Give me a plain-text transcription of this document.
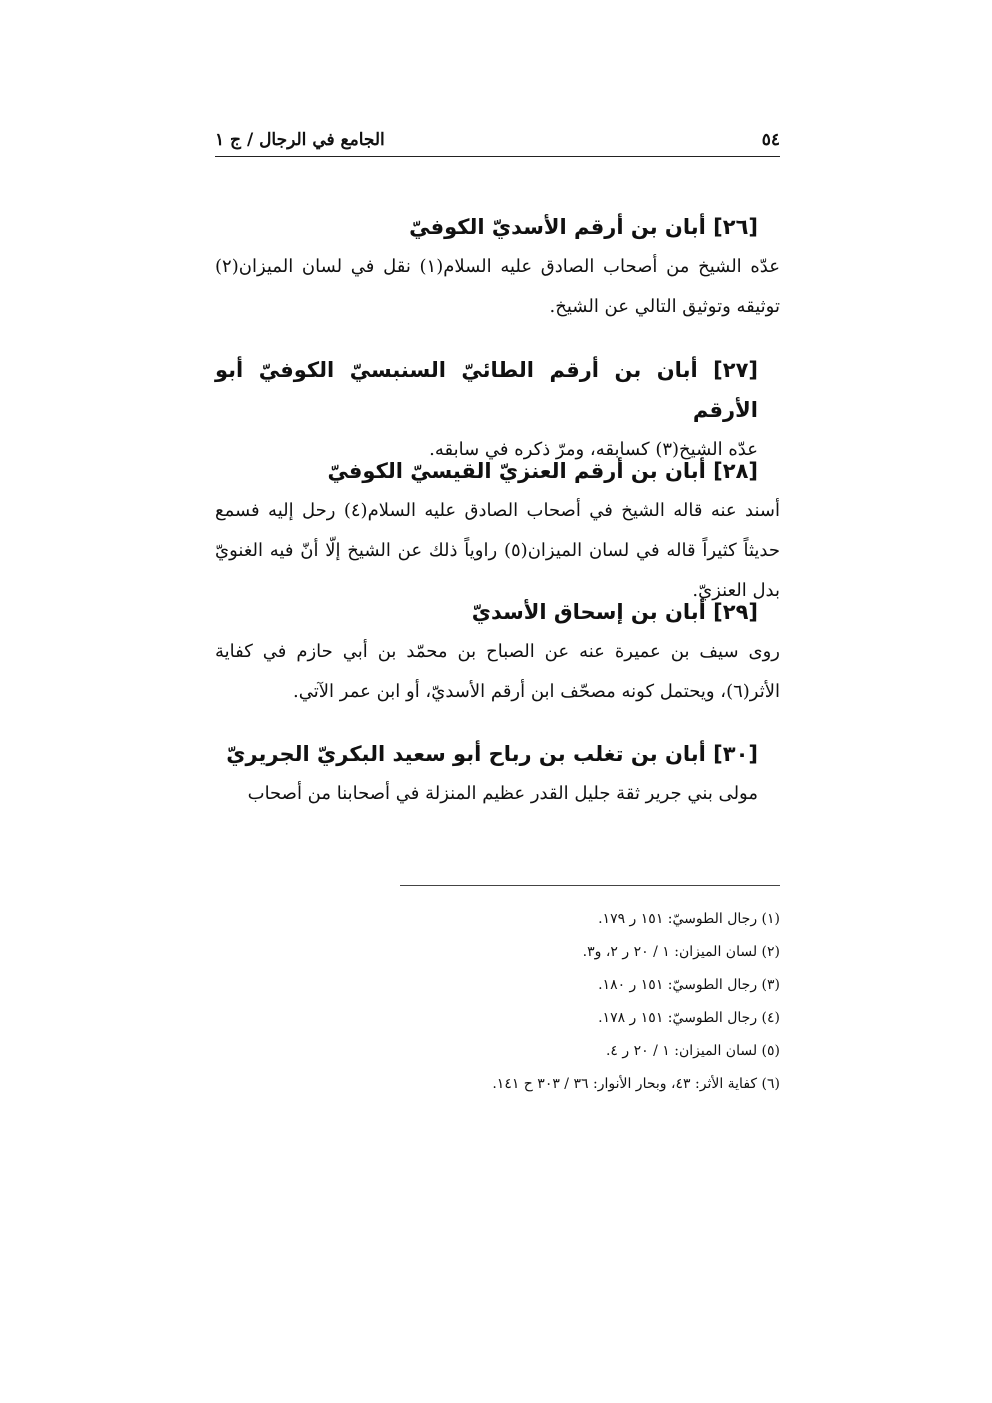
٥٤
الجامع في الرجال / ج ١
[٢٦] أبان بن أرقم الأسديّ الكوفيّ

عدّه الشيخ من أصحاب الصادق عليه السلام(١) نقل في لسان الميزان(٢) توثيقه وتوثيق التالي عن الشيخ.

[٢٧] أبان بن أرقم الطائيّ السنبسيّ الكوفيّ أبو الأرقم

عدّه الشيخ(٣) كسابقه، ومرّ ذكره في سابقه.

[٢٨] أبان بن أرقم العنزيّ القيسيّ الكوفيّ

أسند عنه قاله الشيخ في أصحاب الصادق عليه السلام(٤) رحل إليه فسمع حديثاً كثيراً قاله في لسان الميزان(٥) راوياً ذلك عن الشيخ إلّا أنّ فيه الغنويّ بدل العنزيّ.

[٢٩] أبان بن إسحاق الأسديّ

روى سيف بن عميرة عنه عن الصباح بن محمّد بن أبي حازم في كفاية الأثر(٦)، ويحتمل كونه مصحّف ابن أرقم الأسديّ، أو ابن عمر الآتي.

[٣٠] أبان بن تغلب بن رباح أبو سعيد البكريّ الجريريّ

مولى بني جرير ثقة جليل القدر عظيم المنزلة في أصحابنا من أصحاب

(١) رجال الطوسيّ: ١٥١ ر ١٧٩.
(٢) لسان الميزان: ١ / ٢٠ ر ٢، و٣.
(٣) رجال الطوسيّ: ١٥١ ر ١٨٠.
(٤) رجال الطوسيّ: ١٥١ ر ١٧٨.
(٥) لسان الميزان: ١ / ٢٠ ر ٤.
(٦) كفاية الأثر: ٤٣، وبحار الأنوار: ٣٦ / ٣٠٣ ح ١٤١.
